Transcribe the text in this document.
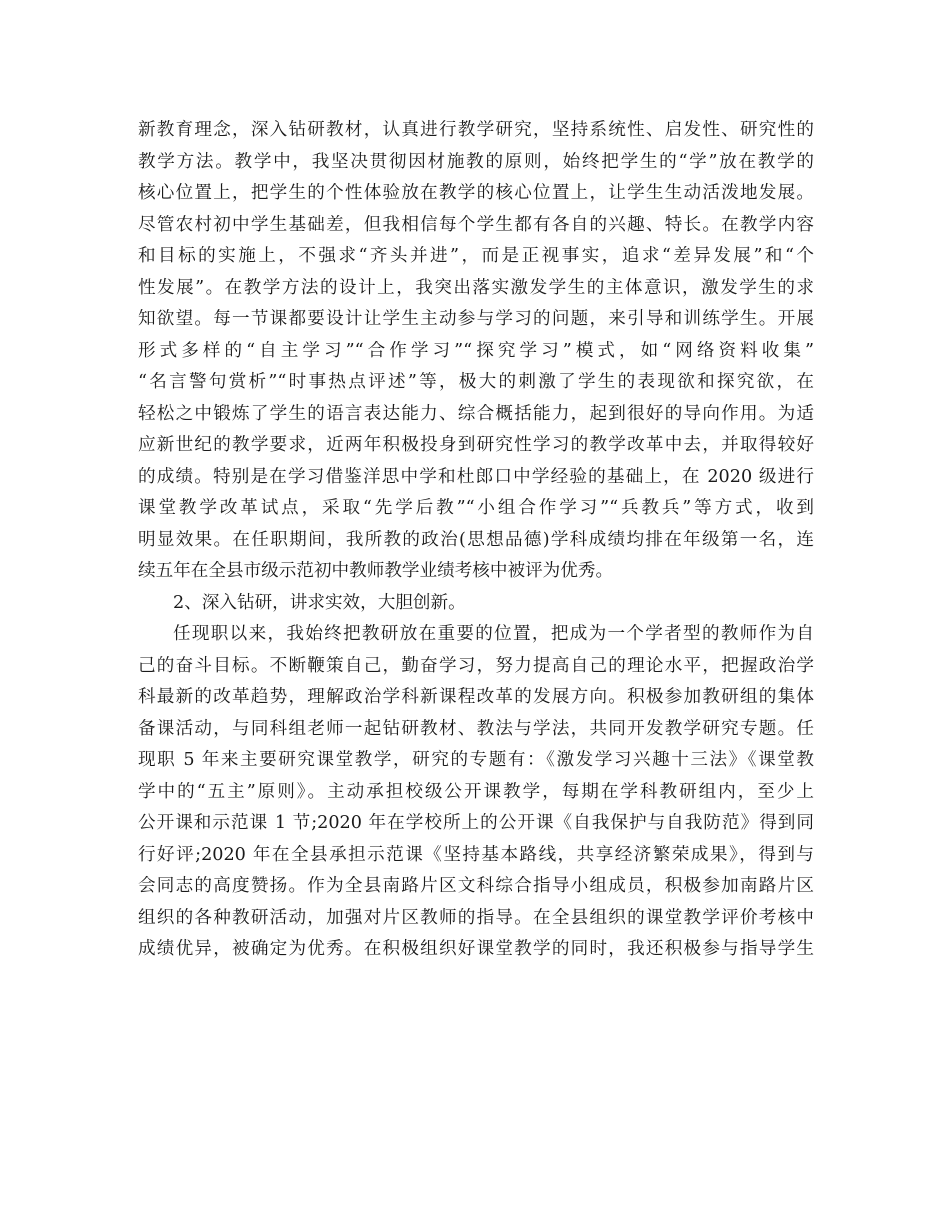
新教育理念，深入钻研教材，认真进行教学研究，坚持系统性、启发性、研究性的
教学方法。教学中，我坚决贯彻因材施教的原则，始终把学生的“学”放在教学的
核心位置上，把学生的个性体验放在教学的核心位置上，让学生生动活泼地发展。
尽管农村初中学生基础差，但我相信每个学生都有各自的兴趣、特长。在教学内容
和目标的实施上，不强求“齐头并进”，而是正视事实，追求“差异发展”和“个
性发展”。在教学方法的设计上，我突出落实激发学生的主体意识，激发学生的求
知欲望。每一节课都要设计让学生主动参与学习的问题，来引导和训练学生。开展
形式多样的“自主学习”“合作学习”“探究学习”模式，如“网络资料收集”
“名言警句赏析”“时事热点评述”等，极大的刺激了学生的表现欲和探究欲，在
轻松之中锻炼了学生的语言表达能力、综合概括能力，起到很好的导向作用。为适
应新世纪的教学要求，近两年积极投身到研究性学习的教学改革中去，并取得较好
的成绩。特别是在学习借鉴洋思中学和杜郎口中学经验的基础上，在 2020 级进行
课堂教学改革试点，采取“先学后教”“小组合作学习”“兵教兵”等方式，收到
明显效果。在任职期间，我所教的政治(思想品德)学科成绩均排在年级第一名，连
续五年在全县市级示范初中教师教学业绩考核中被评为优秀。
2、深入钻研，讲求实效，大胆创新。
任现职以来，我始终把教研放在重要的位置，把成为一个学者型的教师作为自
己的奋斗目标。不断鞭策自己，勤奋学习，努力提高自己的理论水平，把握政治学
科最新的改革趋势，理解政治学科新课程改革的发展方向。积极参加教研组的集体
备课活动，与同科组老师一起钻研教材、教法与学法，共同开发教学研究专题。任
现职 5 年来主要研究课堂教学，研究的专题有：《激发学习兴趣十三法》《课堂教
学中的“五主”原则》。主动承担校级公开课教学，每期在学科教研组内，至少上
公开课和示范课 1 节;2020 年在学校所上的公开课《自我保护与自我防范》得到同
行好评;2020 年在全县承担示范课《坚持基本路线，共享经济繁荣成果》，得到与
会同志的高度赞扬。作为全县南路片区文科综合指导小组成员，积极参加南路片区
组织的各种教研活动，加强对片区教师的指导。在全县组织的课堂教学评价考核中
成绩优异，被确定为优秀。在积极组织好课堂教学的同时，我还积极参与指导学生
